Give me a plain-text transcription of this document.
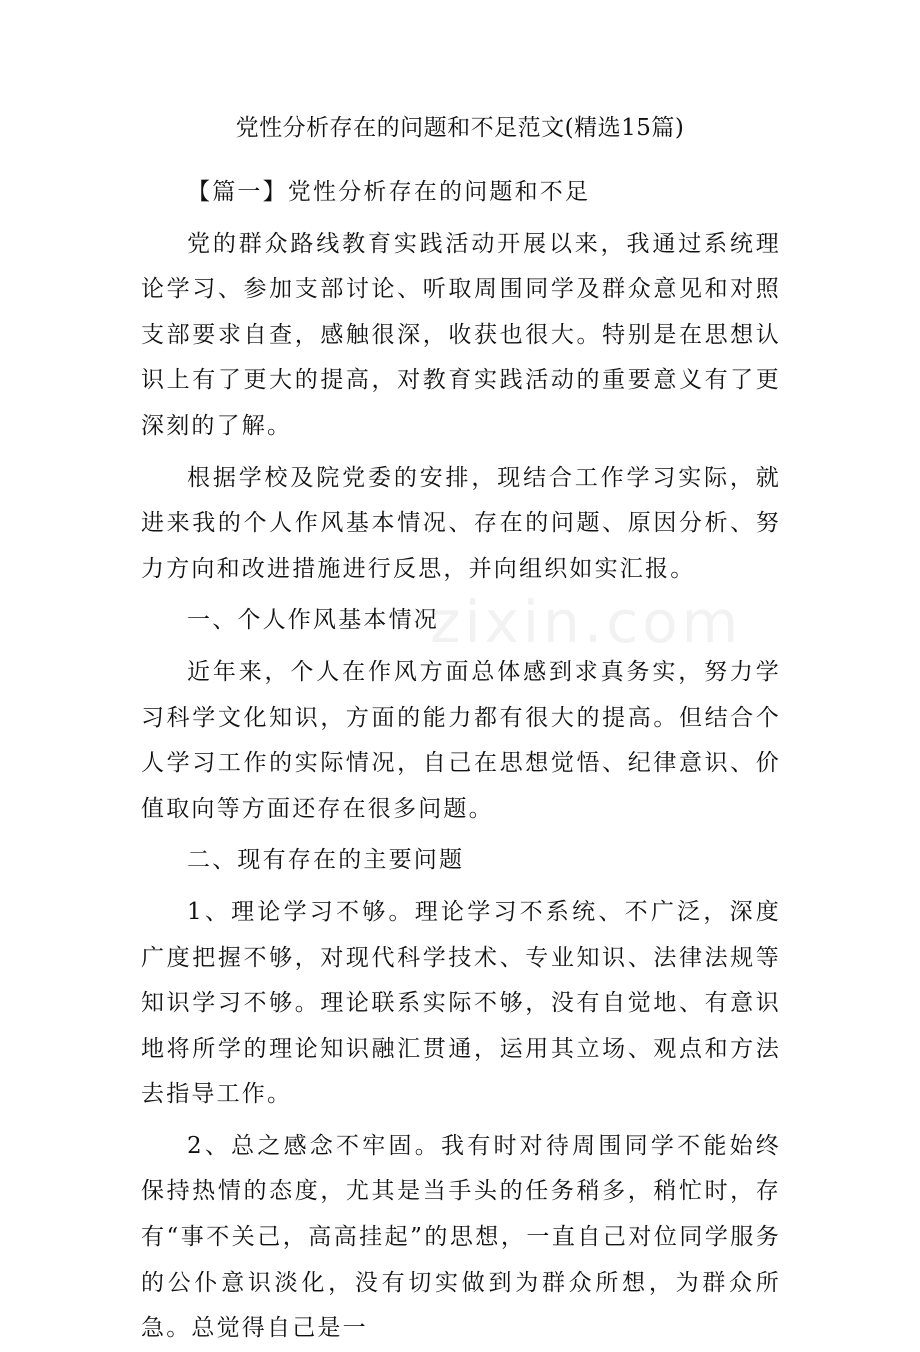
党性分析存在的问题和不足范文(精选15篇)

【篇一】党性分析存在的问题和不足

党的群众路线教育实践活动开展以来，我通过系统理论学习、参加支部讨论、听取周围同学及群众意见和对照支部要求自查，感触很深，收获也很大。特别是在思想认识上有了更大的提高，对教育实践活动的重要意义有了更深刻的了解。

根据学校及院党委的安排，现结合工作学习实际，就进来我的个人作风基本情况、存在的问题、原因分析、努力方向和改进措施进行反思，并向组织如实汇报。

一、个人作风基本情况

近年来，个人在作风方面总体感到求真务实，努力学习科学文化知识，方面的能力都有很大的提高。但结合个人学习工作的实际情况，自己在思想觉悟、纪律意识、价值取向等方面还存在很多问题。

二、现有存在的主要问题

1、理论学习不够。理论学习不系统、不广泛，深度广度把握不够，对现代科学技术、专业知识、法律法规等知识学习不够。理论联系实际不够，没有自觉地、有意识地将所学的理论知识融汇贯通，运用其立场、观点和方法去指导工作。

2、总之感念不牢固。我有时对待周围同学不能始终保持热情的态度，尤其是当手头的任务稍多，稍忙时，存有“事不关己，高高挂起”的思想，一直自己对位同学服务的公仆意识淡化，没有切实做到为群众所想，为群众所急。总觉得自己是一

zixin.com
